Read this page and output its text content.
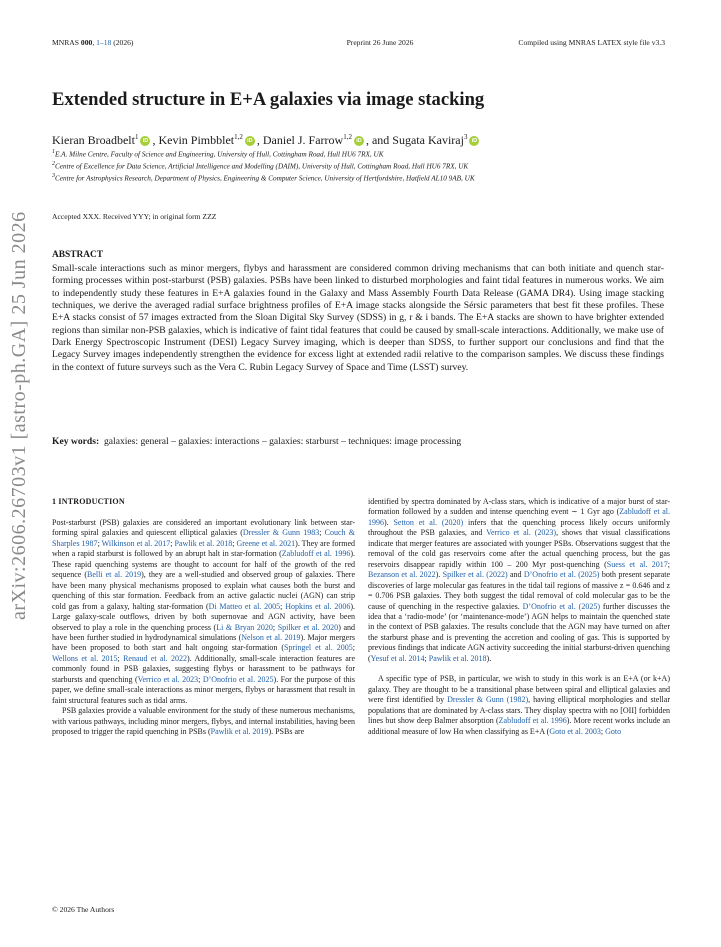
MNRAS 000, 1–18 (2026)	Preprint 26 June 2026	Compiled using MNRAS LATEX style file v3.3
Extended structure in E+A galaxies via image stacking
Kieran Broadbelt$^1$iD , Kevin Pimbblet$^{1,2}$iD , Daniel J. Farrow$^{1,2}$iD , and Sugata Kaviraj$^3$iD
$^1$E.A. Milne Centre, Faculty of Science and Engineering, University of Hull, Cottingham Road, Hull HU6 7RX, UK
$^2$Centre of Excellence for Data Science, Artificial Intelligence and Modelling (DAIM), University of Hull, Cottingham Road, Hull HU6 7RX, UK
$^3$Centre for Astrophysics Research, Department of Physics, Engineering & Computer Science, University of Hertfordshire, Hatfield AL10 9AB, UK
Accepted XXX. Received YYY; in original form ZZZ
ABSTRACT
Small-scale interactions such as minor mergers, flybys and harassment are considered common driving mechanisms that can both initiate and quench star-forming processes within post-starburst (PSB) galaxies. PSBs have been linked to disturbed morphologies and faint tidal features in numerous works. We aim to independently study these features in E+A galaxies found in the Galaxy and Mass Assembly Fourth Data Release (GAMA DR4). Using image stacking techniques, we derive the averaged radial surface brightness profiles of E+A image stacks alongside the Sérsic parameters that best fit these profiles. These E+A stacks consist of 57 images extracted from the Sloan Digital Sky Survey (SDSS) in g, r & i bands. The E+A stacks are shown to have brighter extended regions than similar non-PSB galaxies, which is indicative of faint tidal features that could be caused by small-scale interactions. Additionally, we make use of Dark Energy Spectroscopic Instrument (DESI) Legacy Survey imaging, which is deeper than SDSS, to further support our conclusions and find that the Legacy Survey images independently strengthen the evidence for excess light at extended radii relative to the comparison samples. We discuss these findings in the context of future surveys such as the Vera C. Rubin Legacy Survey of Space and Time (LSST) survey.
Key words: galaxies: general – galaxies: interactions – galaxies: starburst – techniques: image processing
arXiv:2606.26703v1 [astro-ph.GA] 25 Jun 2026	1 INTRODUCTION

Post-starburst (PSB) galaxies are considered an important evolutionary link between star-forming spiral galaxies and quiescent elliptical galaxies (Dressler & Gunn 1983; Couch & Sharples 1987; Wilkinson et al. 2017; Pawlik et al. 2018; Greene et al. 2021). They are formed when a rapid starburst is followed by an abrupt halt in star-formation (Zabludoff et al. 1996). These rapid quenching systems are thought to account for half of the growth of the red sequence (Belli et al. 2019), they are a well-studied and observed group of galaxies. There have been many physical mechanisms proposed to explain what causes both the burst and quenching of this star formation. Feedback from an active galactic nuclei (AGN) can strip cold gas from a galaxy, halting star-formation (Di Matteo et al. 2005; Hopkins et al. 2006). Large galaxy-scale outflows, driven by both supernovae and AGN activity, have been observed to play a role in the quenching process (Li & Bryan 2020; Spilker et al. 2020) and have been further studied in hydrodynamical simulations (Nelson et al. 2019). Major mergers have been proposed to both start and halt ongoing star-formation (Springel et al. 2005; Wellons et al. 2015; Renaud et al. 2022). Additionally, small-scale interaction features are commonly found in PSB galaxies, suggesting flybys or harassment to be pathways for starbursts and quenching (Verrico et al. 2023; D’Onofrio et al. 2025). For the purpose of this paper, we define small-scale interactions as minor mergers, flybys or harassment that result in faint structural features such as tidal arms.

PSB galaxies provide a valuable environment for the study of these numerous mechanisms, with various pathways, including minor mergers, flybys, and internal instabilities, having been proposed to trigger the rapid quenching in PSBs (Pawlik et al. 2019). PSBs are

identified by spectra dominated by A-class stars, which is indicative of a major burst of star-formation followed by a sudden and intense quenching event ∼ 1 Gyr ago (Zabludoff et al. 1996). Setton et al. (2020) infers that the quenching process likely occurs uniformly throughout the PSB galaxies, and Verrico et al. (2023), shows that visual classifications indicate that merger features are associated with younger PSBs. Observations suggest that the removal of the cold gas reservoirs come after the actual quenching process, but the gas reservoirs disappear rapidly within 100 – 200 Myr post-quenching (Suess et al. 2017; Bezanson et al. 2022). Spilker et al. (2022) and D’Onofrio et al. (2025) both present separate discoveries of large molecular gas features in the tidal tail regions of massive z = 0.646 and z = 0.706 PSB galaxies. They both suggest the tidal removal of cold molecular gas to be the cause of quenching in the respective galaxies. D’Onofrio et al. (2025) further discusses the idea that a ‘radio-mode’ (or ‘maintenance-mode’) AGN helps to maintain the quenched state in the context of PSB galaxies. The results conclude that the AGN may have turned on after the starburst phase and is preventing the accretion and cooling of gas. This is supported by previous findings that indicate AGN activity succeeding the initial starburst-driven quenching (Yesuf et al. 2014; Pawlik et al. 2018).

A specific type of PSB, in particular, we wish to study in this work is an E+A (or k+A) galaxy. They are thought to be a transitional phase between spiral and elliptical galaxies and were first identified by Dressler & Gunn (1982), having elliptical morphologies and stellar populations that are dominated by A-class stars. They display spectra with no [OII] forbidden lines but show deep Balmer absorption (Zabludoff et al. 1996). More recent works include an additional measure of low Hα when classifying as E+A (Goto et al. 2003; Goto

© 2026 The Authors
